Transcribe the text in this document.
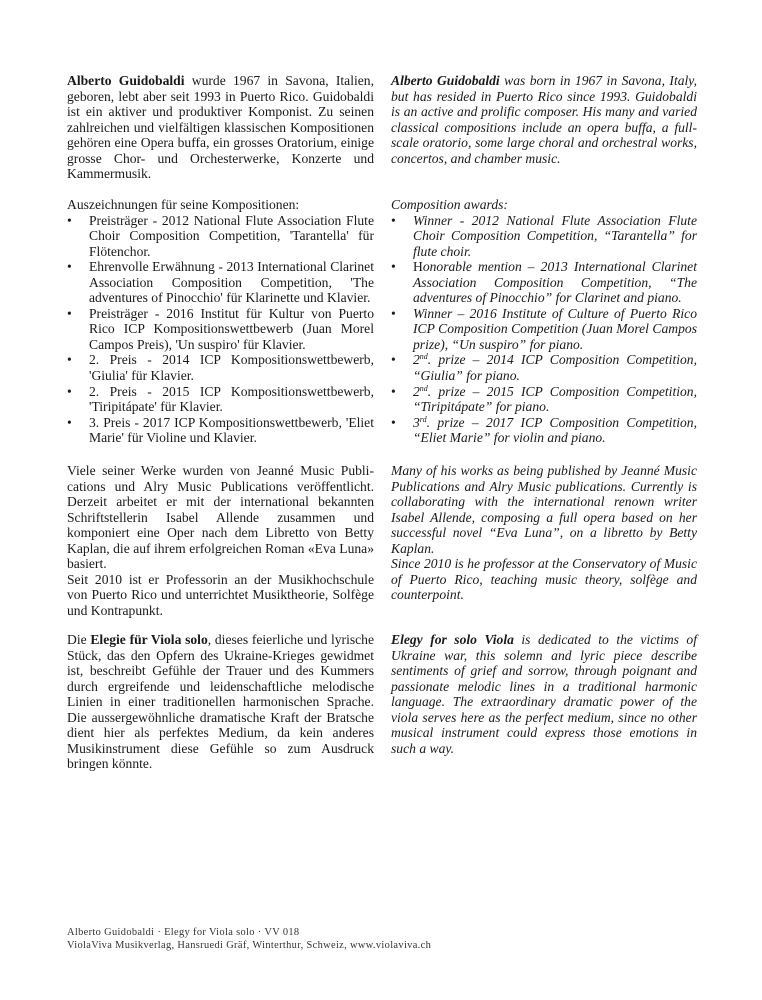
Alberto Guidobaldi wurde 1967 in Savona, Italien, geboren, lebt aber seit 1993 in Puerto Rico. Guidobaldi ist ein aktiver und produktiver Komponist. Zu seinen zahlreichen und vielfältigen klassischen Kompositionen gehören eine Opera buffa, ein grosses Oratorium, einige grosse Chor- und Orchesterwerke, Konzerte und Kammermusik.

Auszeichnungen für seine Kompositionen:

• Preisträger - 2012 National Flute Association Flute Choir Composition Competition, 'Tarantella' für Flötenchor.
• Ehrenvolle Erwähnung - 2013 International Clarinet Association Composition Competition, 'The adventures of Pinocchio' für Klarinette und Klavier.
• Preisträger - 2016 Institut für Kultur von Puerto Rico ICP Kompositionswettbewerb (Juan Morel Campos Preis), 'Un suspiro' für Klavier.
• 2. Preis - 2014 ICP Kompositionswettbewerb, 'Giulia' für Klavier.
• 2. Preis - 2015 ICP Kompositionswettbewerb, 'Tiripitápate' für Klavier.
• 3. Preis - 2017 ICP Kompositionswettbewerb, 'Eliet Marie' für Violine und Klavier.

Viele seiner Werke wurden von Jeanné Music Publications und Alry Music Publications veröffentlicht. Derzeit arbeitet er mit der international bekannten Schriftstellerin Isabel Allende zusammen und komponiert eine Oper nach dem Libretto von Betty Kaplan, die auf ihrem erfolgreichen Roman «Eva Luna» basiert.

Seit 2010 ist er Professorin an der Musikhochschule von Puerto Rico und unterrichtet Musiktheorie, Solfège und Kontrapunkt.

Die Elegie für Viola solo, dieses feierliche und lyrische Stück, das den Opfern des Ukraine-Krieges gewidmet ist, beschreibt Gefühle der Trauer und des Kummers durch ergreifende und leidenschaftliche melodische Linien in einer traditionellen harmonischen Sprache. Die aussergewöhnliche dramatische Kraft der Bratsche dient hier als perfektes Medium, da kein anderes Musikinstrument diese Gefühle so zum Ausdruck bringen könnte.

Alberto Guidobaldi was born in 1967 in Savona, Italy, but has resided in Puerto Rico since 1993. Guidobaldi is an active and prolific composer. His many and varied classical compositions include an opera buffa, a full-scale oratorio, some large choral and orchestral works, concertos, and chamber music.

Composition awards:

• Winner - 2012 National Flute Association Flute Choir Composition Competition, “Tarantella” for flute choir.
• Honorable mention – 2013 International Clarinet Association Composition Competition, “The adventures of Pinocchio” for Clarinet and piano.
• Winner – 2016 Institute of Culture of Puerto Rico ICP Composition Competition (Juan Morel Campos prize), “Un suspiro” for piano.
• 2nd. prize – 2014 ICP Composition Competition, “Giulia” for piano.
• 2nd. prize – 2015 ICP Composition Competition, “Tiripitápate” for piano.
• 3rd. prize – 2017 ICP Composition Competition, “Eliet Marie” for violin and piano.

Many of his works as being published by Jeanné Music Publications and Alry Music publications. Currently is collaborating with the international renown writer Isabel Allende, composing a full opera based on her successful novel “Eva Luna”, on a libretto by Betty Kaplan.

Since 2010 is he professor at the Conservatory of Music of Puerto Rico, teaching music theory, solfège and counterpoint.

Elegy for solo Viola is dedicated to the victims of Ukraine war, this solemn and lyric piece describe sentiments of grief and sorrow, through poignant and passionate melodic lines in a traditional harmonic language. The extraordinary dramatic power of the viola serves here as the perfect medium, since no other musical instrument could express those emotions in such a way.

Alberto Guidobaldi · Elegy for Viola solo · VV 018
ViolaViva Musikverlag, Hansruedi Gräf, Winterthur, Schweiz, www.violaviva.ch
